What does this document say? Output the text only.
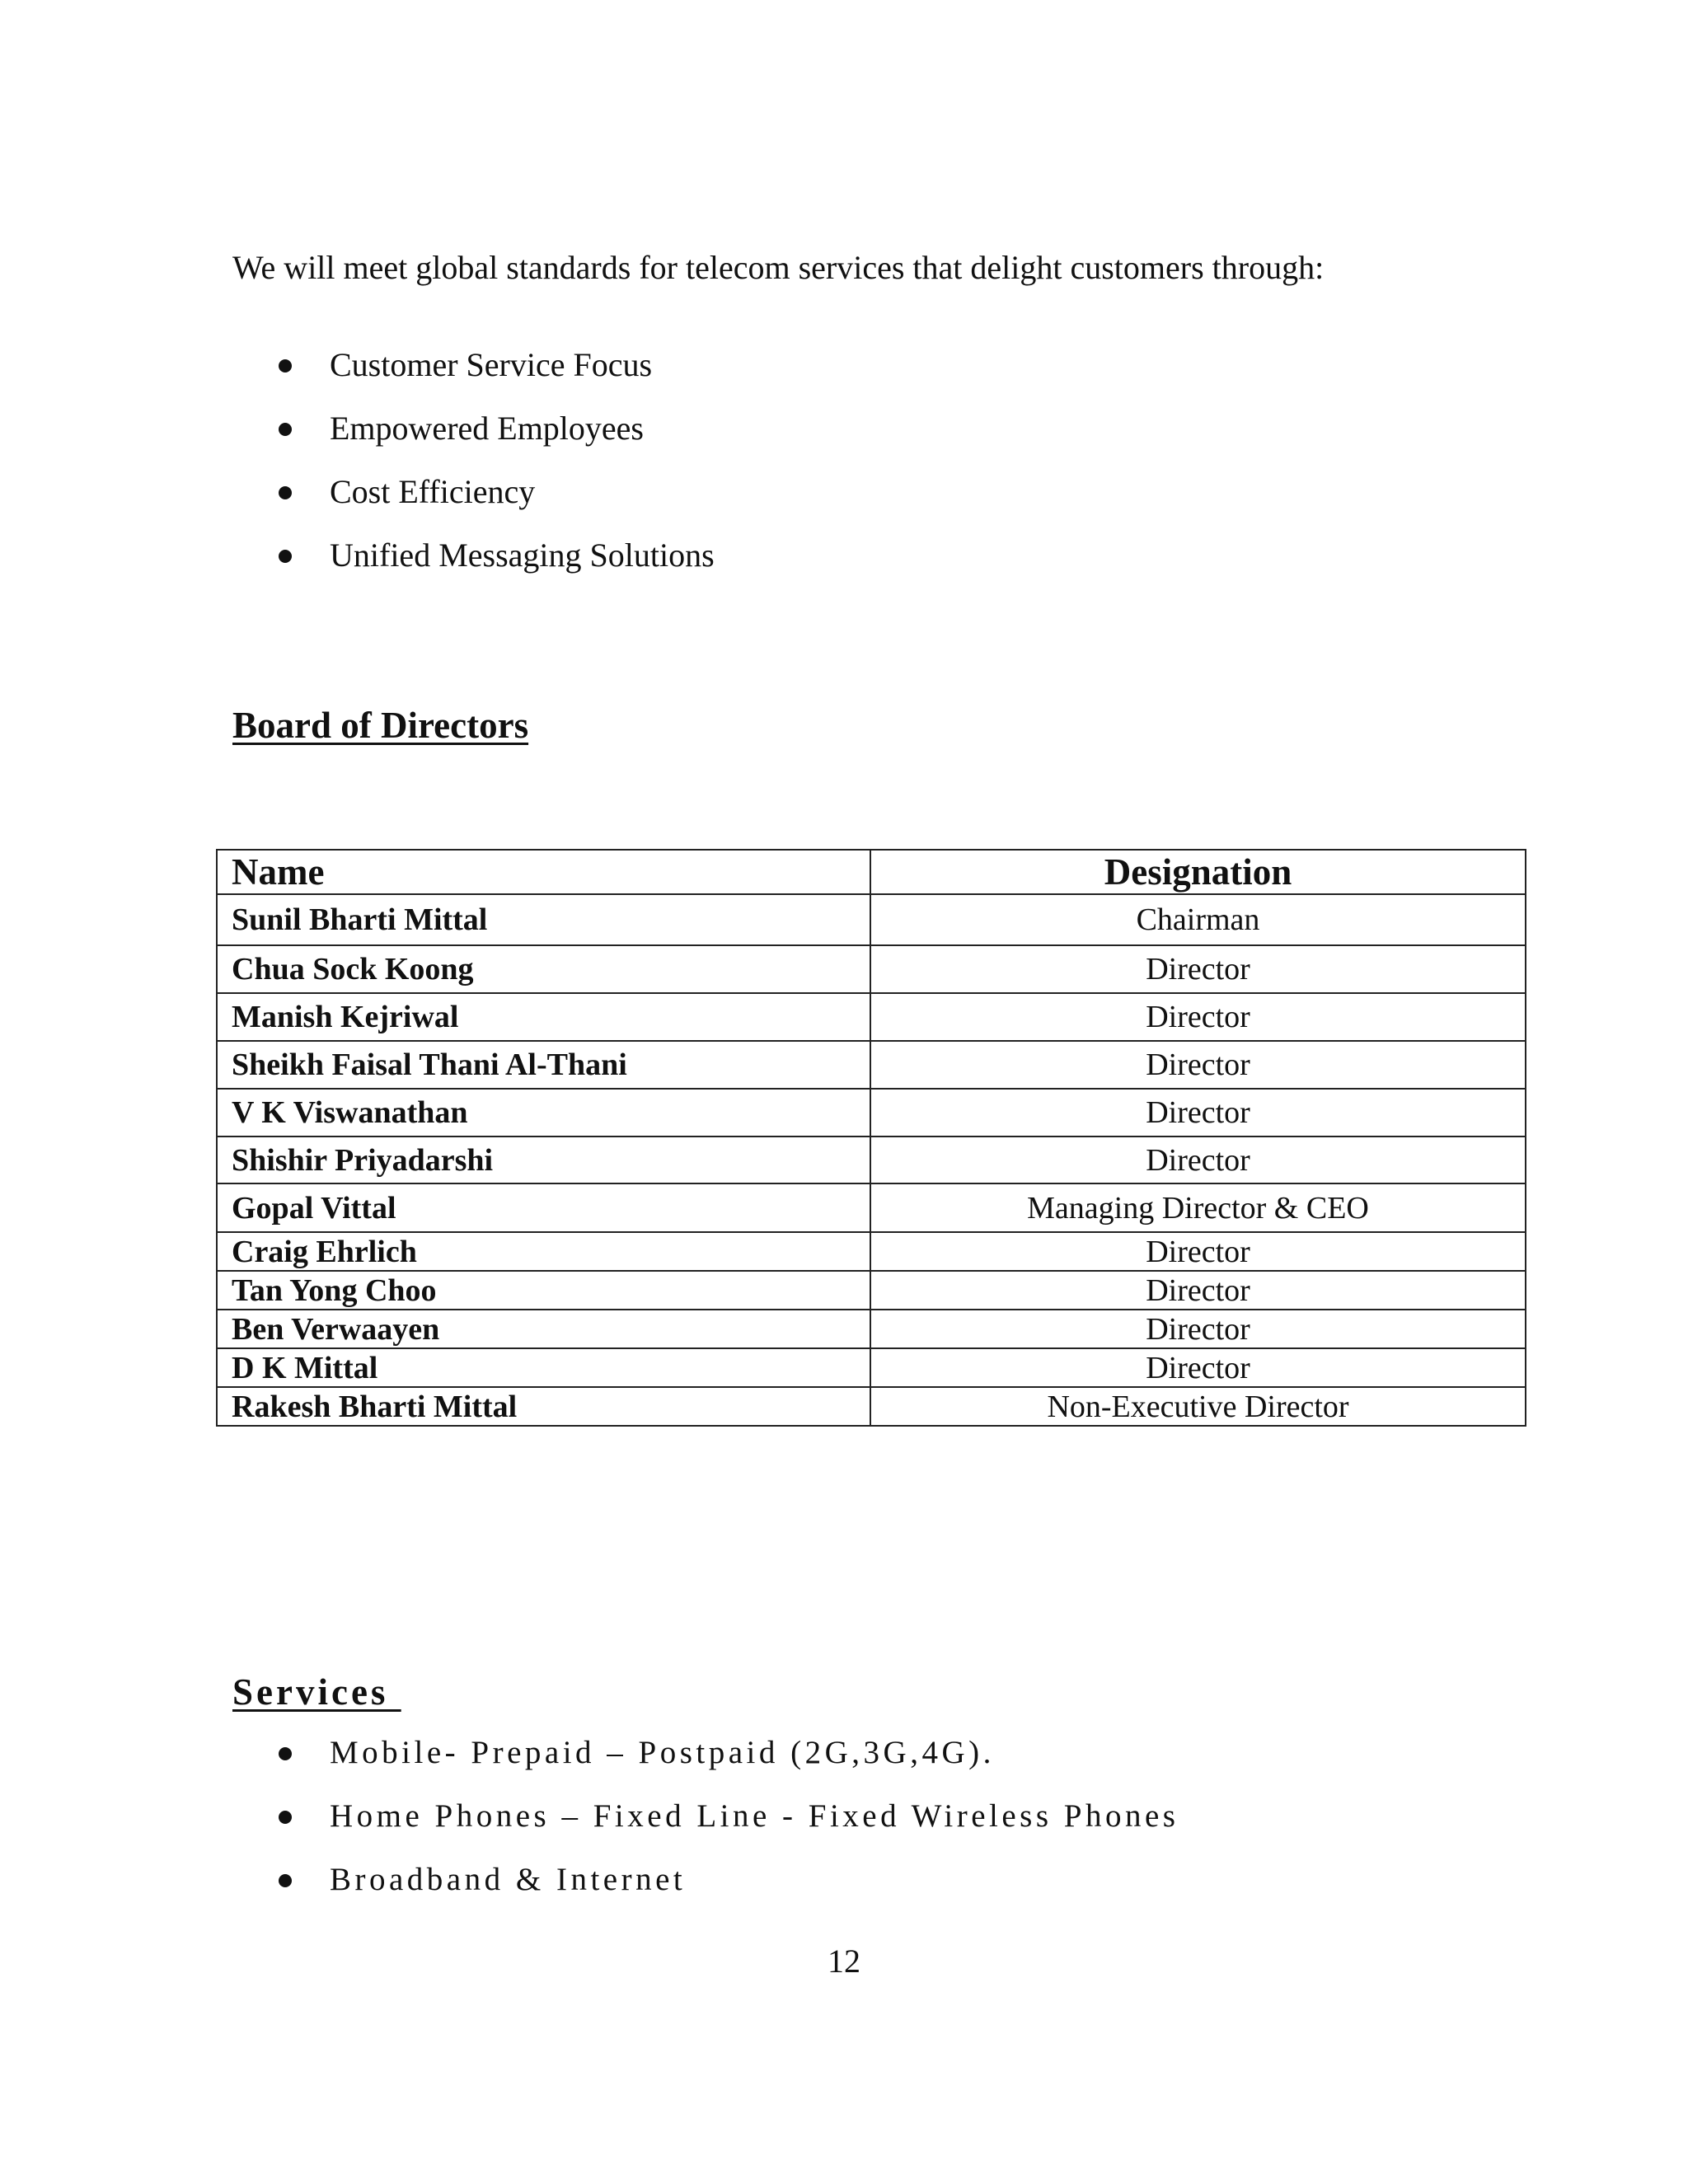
We will meet global standards for telecom services that delight customers through:

Customer Service Focus
Empowered Employees
Cost Efficiency
Unified Messaging Solutions
Board of Directors
Name	Designation
Sunil Bharti Mittal	Chairman
Chua Sock Koong	Director
Manish Kejriwal	Director
Sheikh Faisal Thani Al-Thani	Director
V K Viswanathan	Director
Shishir Priyadarshi	Director
Gopal Vittal	Managing Director & CEO
Craig Ehrlich	Director
Tan Yong Choo	Director
Ben Verwaayen	Director
D K Mittal	Director
Rakesh Bharti Mittal	Non-Executive Director
Services
Mobile- Prepaid – Postpaid (2G,3G,4G).
Home Phones – Fixed Line - Fixed Wireless Phones
Broadband & Internet
12
